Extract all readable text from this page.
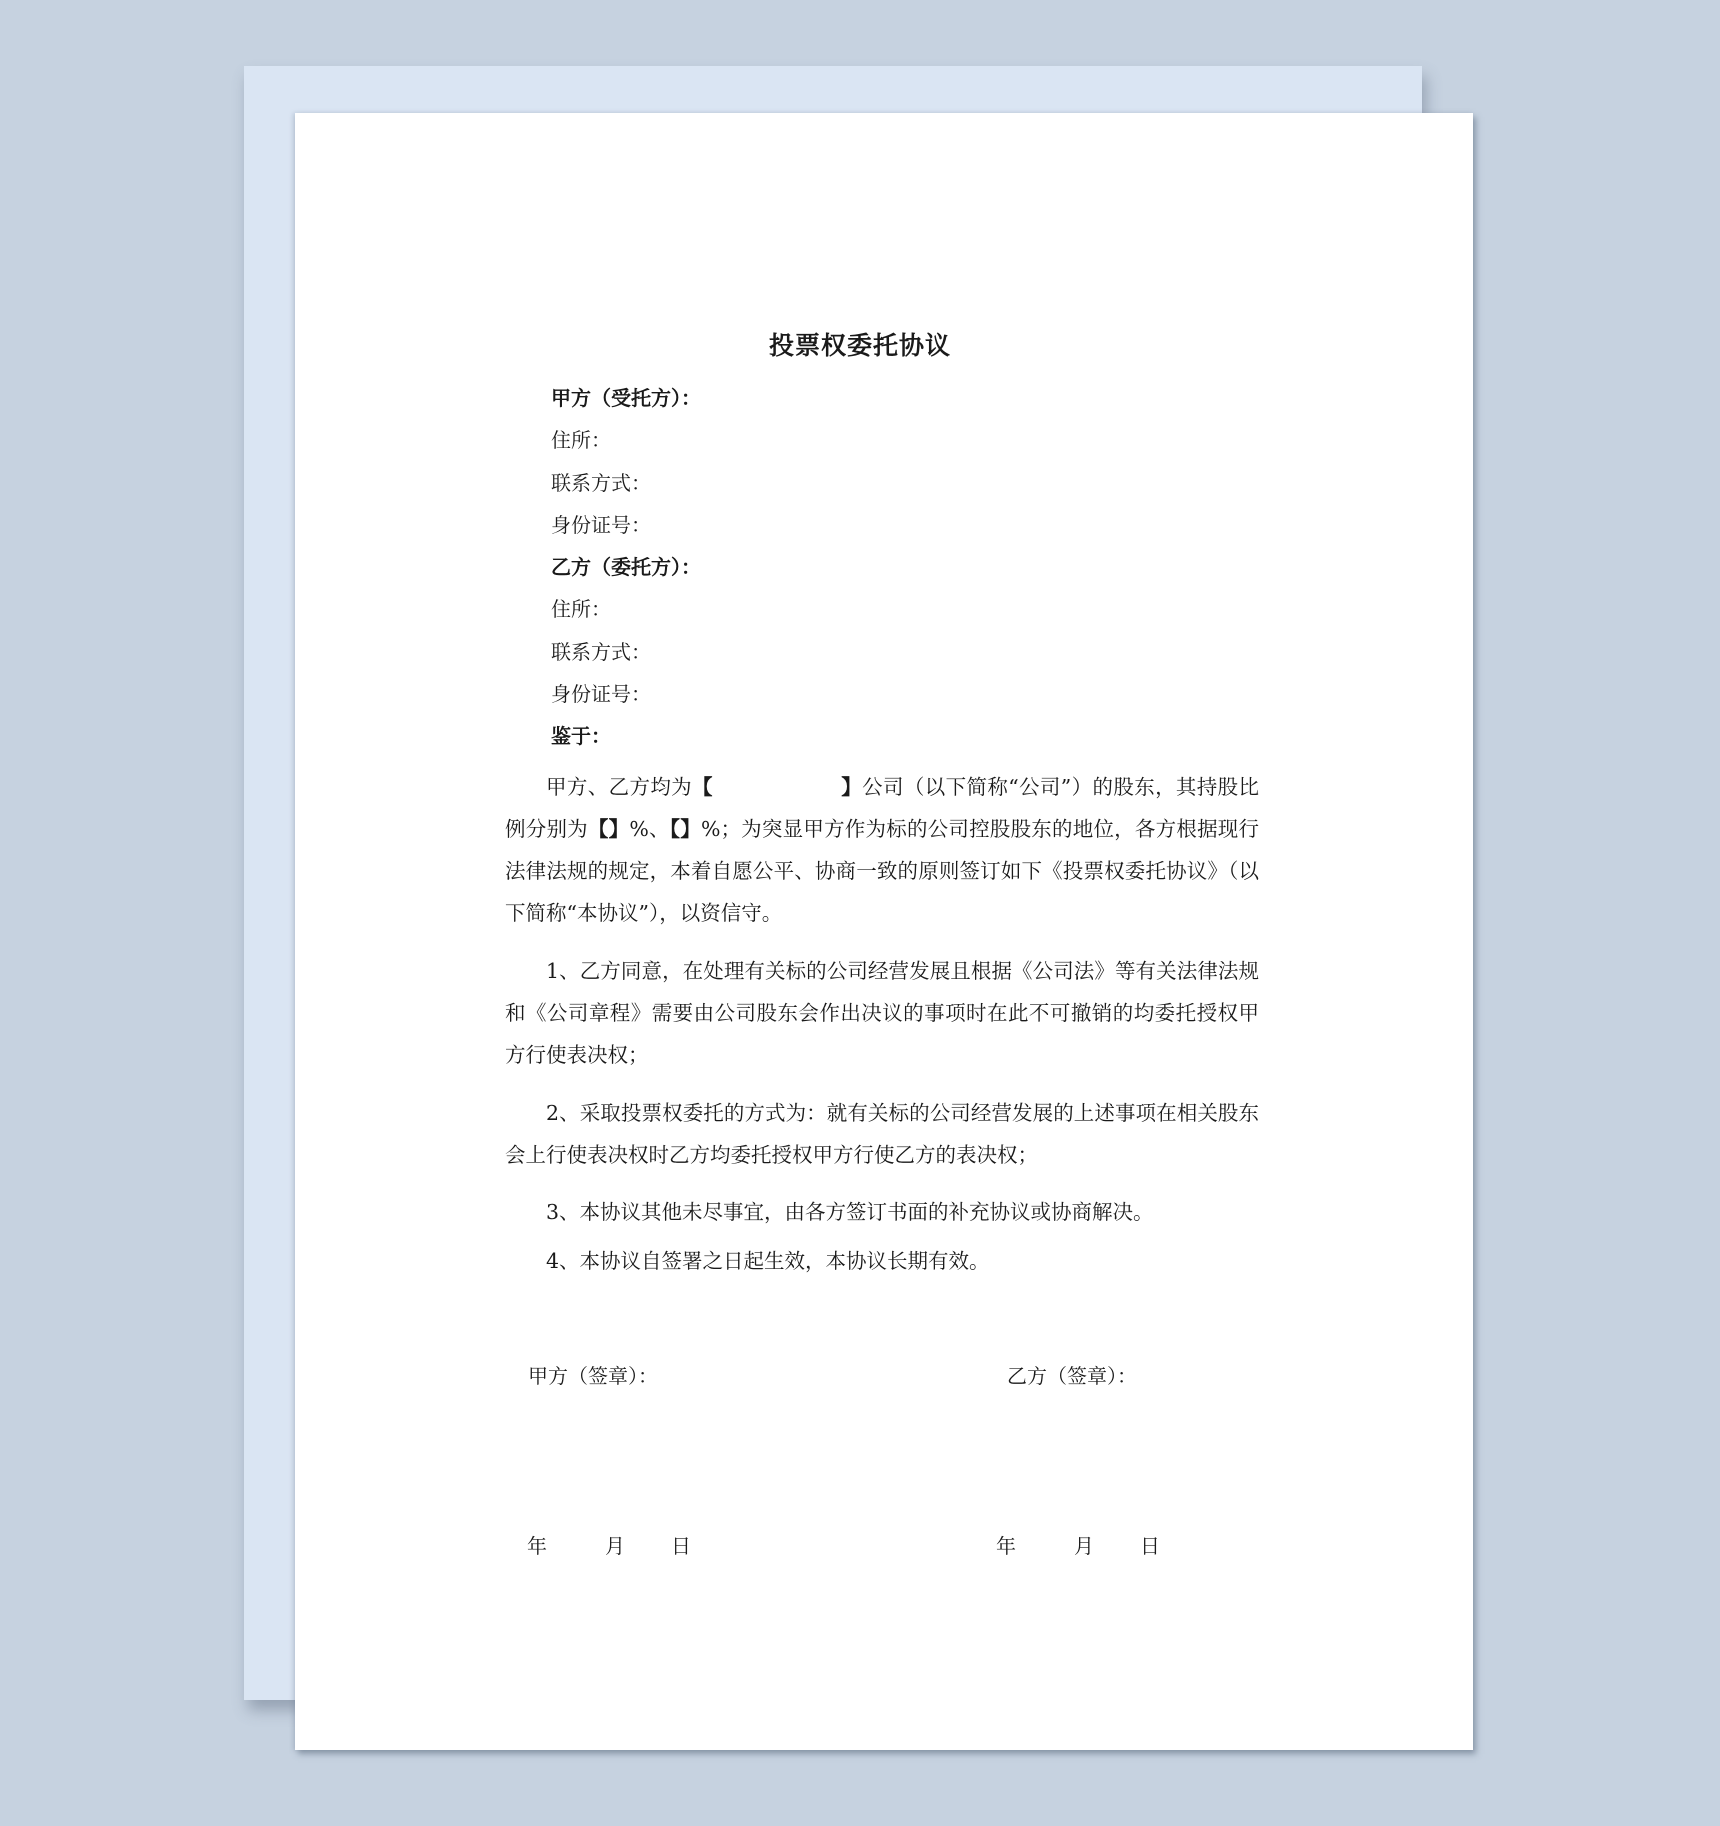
投票权委托协议
甲方（受托方）：
住所：
联系方式：
身份证号：
乙方（委托方）：
住所：
联系方式：
身份证号：
鉴于：
甲方、乙方均为【	】公司（以下简称“公司”）的股东，其持股比例分别为【】%、【】%；为突显甲方作为标的公司控股股东的地位，各方根据现行法律法规的规定，本着自愿公平、协商一致的原则签订如下《投票权委托协议》（以下简称“本协议”），以资信守。
1、乙方同意，在处理有关标的公司经营发展且根据《公司法》等有关法律法规和《公司章程》需要由公司股东会作出决议的事项时在此不可撤销的均委托授权甲方行使表决权；
2、采取投票权委托的方式为：就有关标的公司经营发展的上述事项在相关股东会上行使表决权时乙方均委托授权甲方行使乙方的表决权；
3、本协议其他未尽事宜，由各方签订书面的补充协议或协商解决。
4、本协议自签署之日起生效，本协议长期有效。
甲方（签章）：	乙方（签章）：
年	月 日	年	月 日
